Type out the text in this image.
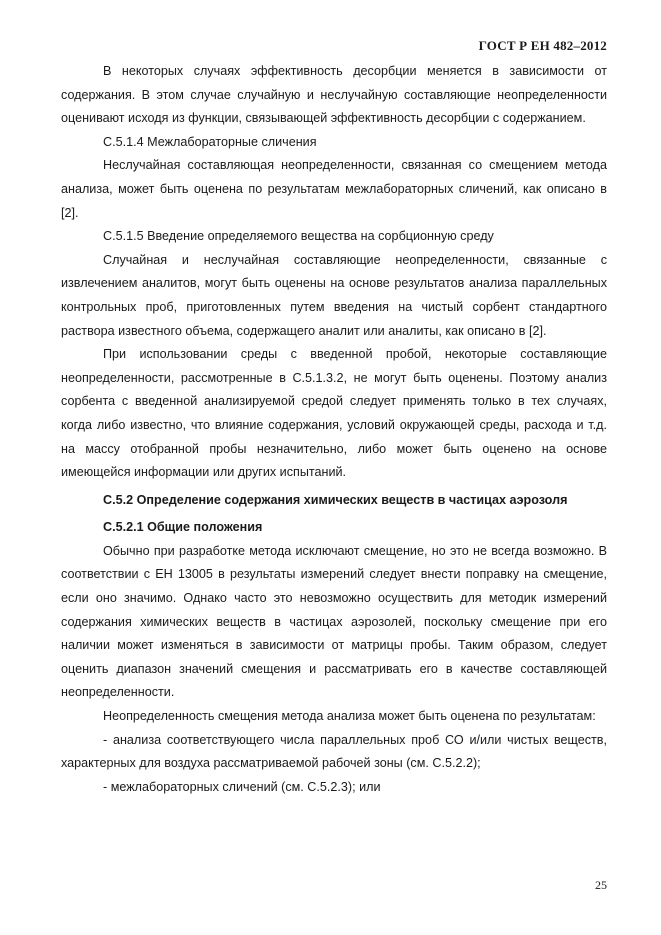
ГОСТ Р ЕН 482–2012

В некоторых случаях эффективность десорбции меняется в зависимости от содержания. В этом случае случайную и неслучайную составляющие неопределенности оценивают исходя из функции, связывающей эффективность десорбции с содержанием.

С.5.1.4 Межлабораторные сличения

Неслучайная составляющая неопределенности, связанная со смещением метода анализа, может быть оценена по результатам межлабораторных сличений, как описано в [2].

С.5.1.5 Введение определяемого вещества на сорбционную среду

Случайная и неслучайная составляющие неопределенности, связанные с извлечением аналитов, могут быть оценены на основе результатов анализа параллельных контрольных проб, приготовленных путем введения на чистый сорбент стандартного раствора известного объема, содержащего аналит или аналиты, как описано в [2].

При использовании среды с введенной пробой, некоторые составляющие неопределенности, рассмотренные в С.5.1.3.2, не могут быть оценены. Поэтому анализ сорбента с введенной анализируемой средой следует применять только в тех случаях, когда либо известно, что влияние содержания, условий окружающей среды, расхода и т.д. на массу отобранной пробы незначительно, либо может быть оценено на основе имеющейся информации или других испытаний.

С.5.2 Определение содержания химических веществ в частицах аэрозоля

С.5.2.1 Общие положения

Обычно при разработке метода исключают смещение, но это не всегда возможно. В соответствии с ЕН 13005 в результаты измерений следует внести поправку на смещение, если оно значимо. Однако часто это невозможно осуществить для методик измерений содержания химических веществ в частицах аэрозолей, поскольку смещение при его наличии может изменяться в зависимости от матрицы пробы. Таким образом, следует оценить диапазон значений смещения и рассматривать его в качестве составляющей неопределенности.

Неопределенность смещения метода анализа может быть оценена по результатам:

- анализа соответствующего числа параллельных проб СО и/или чистых веществ, характерных для воздуха рассматриваемой рабочей зоны (см. С.5.2.2);

- межлабораторных сличений (см. С.5.2.3); или

25
